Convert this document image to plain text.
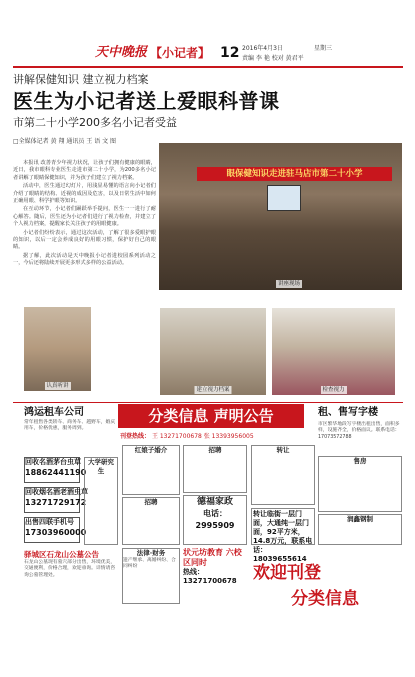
天中晚报 【小记者】 12 2016年4月3日	星期三
责编 李 艳 校对 黄君平
讲解保健知识 建立视力档案
医生为小记者送上爱眼科普课
市第二十小学200多名小记者受益
□全媒体记者 黄 翔 通讯员 王 语 文 图

本报讯 改善青少年视力状况，让孩子们拥有健康的眼睛，近日，我市眼科专业医生走进市第二十小学，为200多名小记者讲解了眼睛保健知识，并为孩子们建立了视力档案。

活动中，医生通过幻灯片，用浅显易懂的语言向小记者们介绍了眼睛的结构、近视的成因及危害，以及日常生活中如何正确用眼、科学护眼等知识。

在互动环节，小记者们踊跃举手提问，医生一一进行了耐心解答。随后，医生还为小记者们进行了视力检查，并建立了个人视力档案，提醒家长关注孩子的用眼健康。

小记者们纷纷表示，通过这次活动，了解了很多爱眼护眼的知识，以后一定会养成良好的用眼习惯，保护好自己的眼睛。

据了解，此次活动是天中晚报小记者进校园系列活动之一，今后还将陆续开展更多形式多样的公益活动。

眼保健知识走进驻马店市第二十小学
讲座现场
认真听讲
建立视力档案	检查视力
分类信息 声明公告
刊登热线： 王 13271700678 张 13393956005
租、售写字楼
市区繁华地段写字楼出租出售，面积多样，设施齐全，价格面议。联系电话：17073572788
鸿运租车公司
常年租售各类轿车、商务车、越野车，婚庆用车，价格优惠，服务周到。
回收名酒茅台虫草
18862441190
回收烟名酒老酒虫草
13271729172
出售四联手机号
17303960000
驿城区石龙山公墓公告
石龙山公墓现有墓穴部分出售，环境优美，交通便利，价格合理，欢迎垂询。详情请咨询公墓管理处。
大学研究生
红娘子婚介
招聘
招聘
德福家政
电话：2995909
转让
转让临街一层门面，大通纯一层门面，92平方米，14.8万元，联系电话：18039655614
售房
润鑫钢制
法律·财务
遗产继承、离婚纠纷、合同纠纷
状元坊教育 六校区同时
热线：13271700678 欢迎刊登
分类信息
